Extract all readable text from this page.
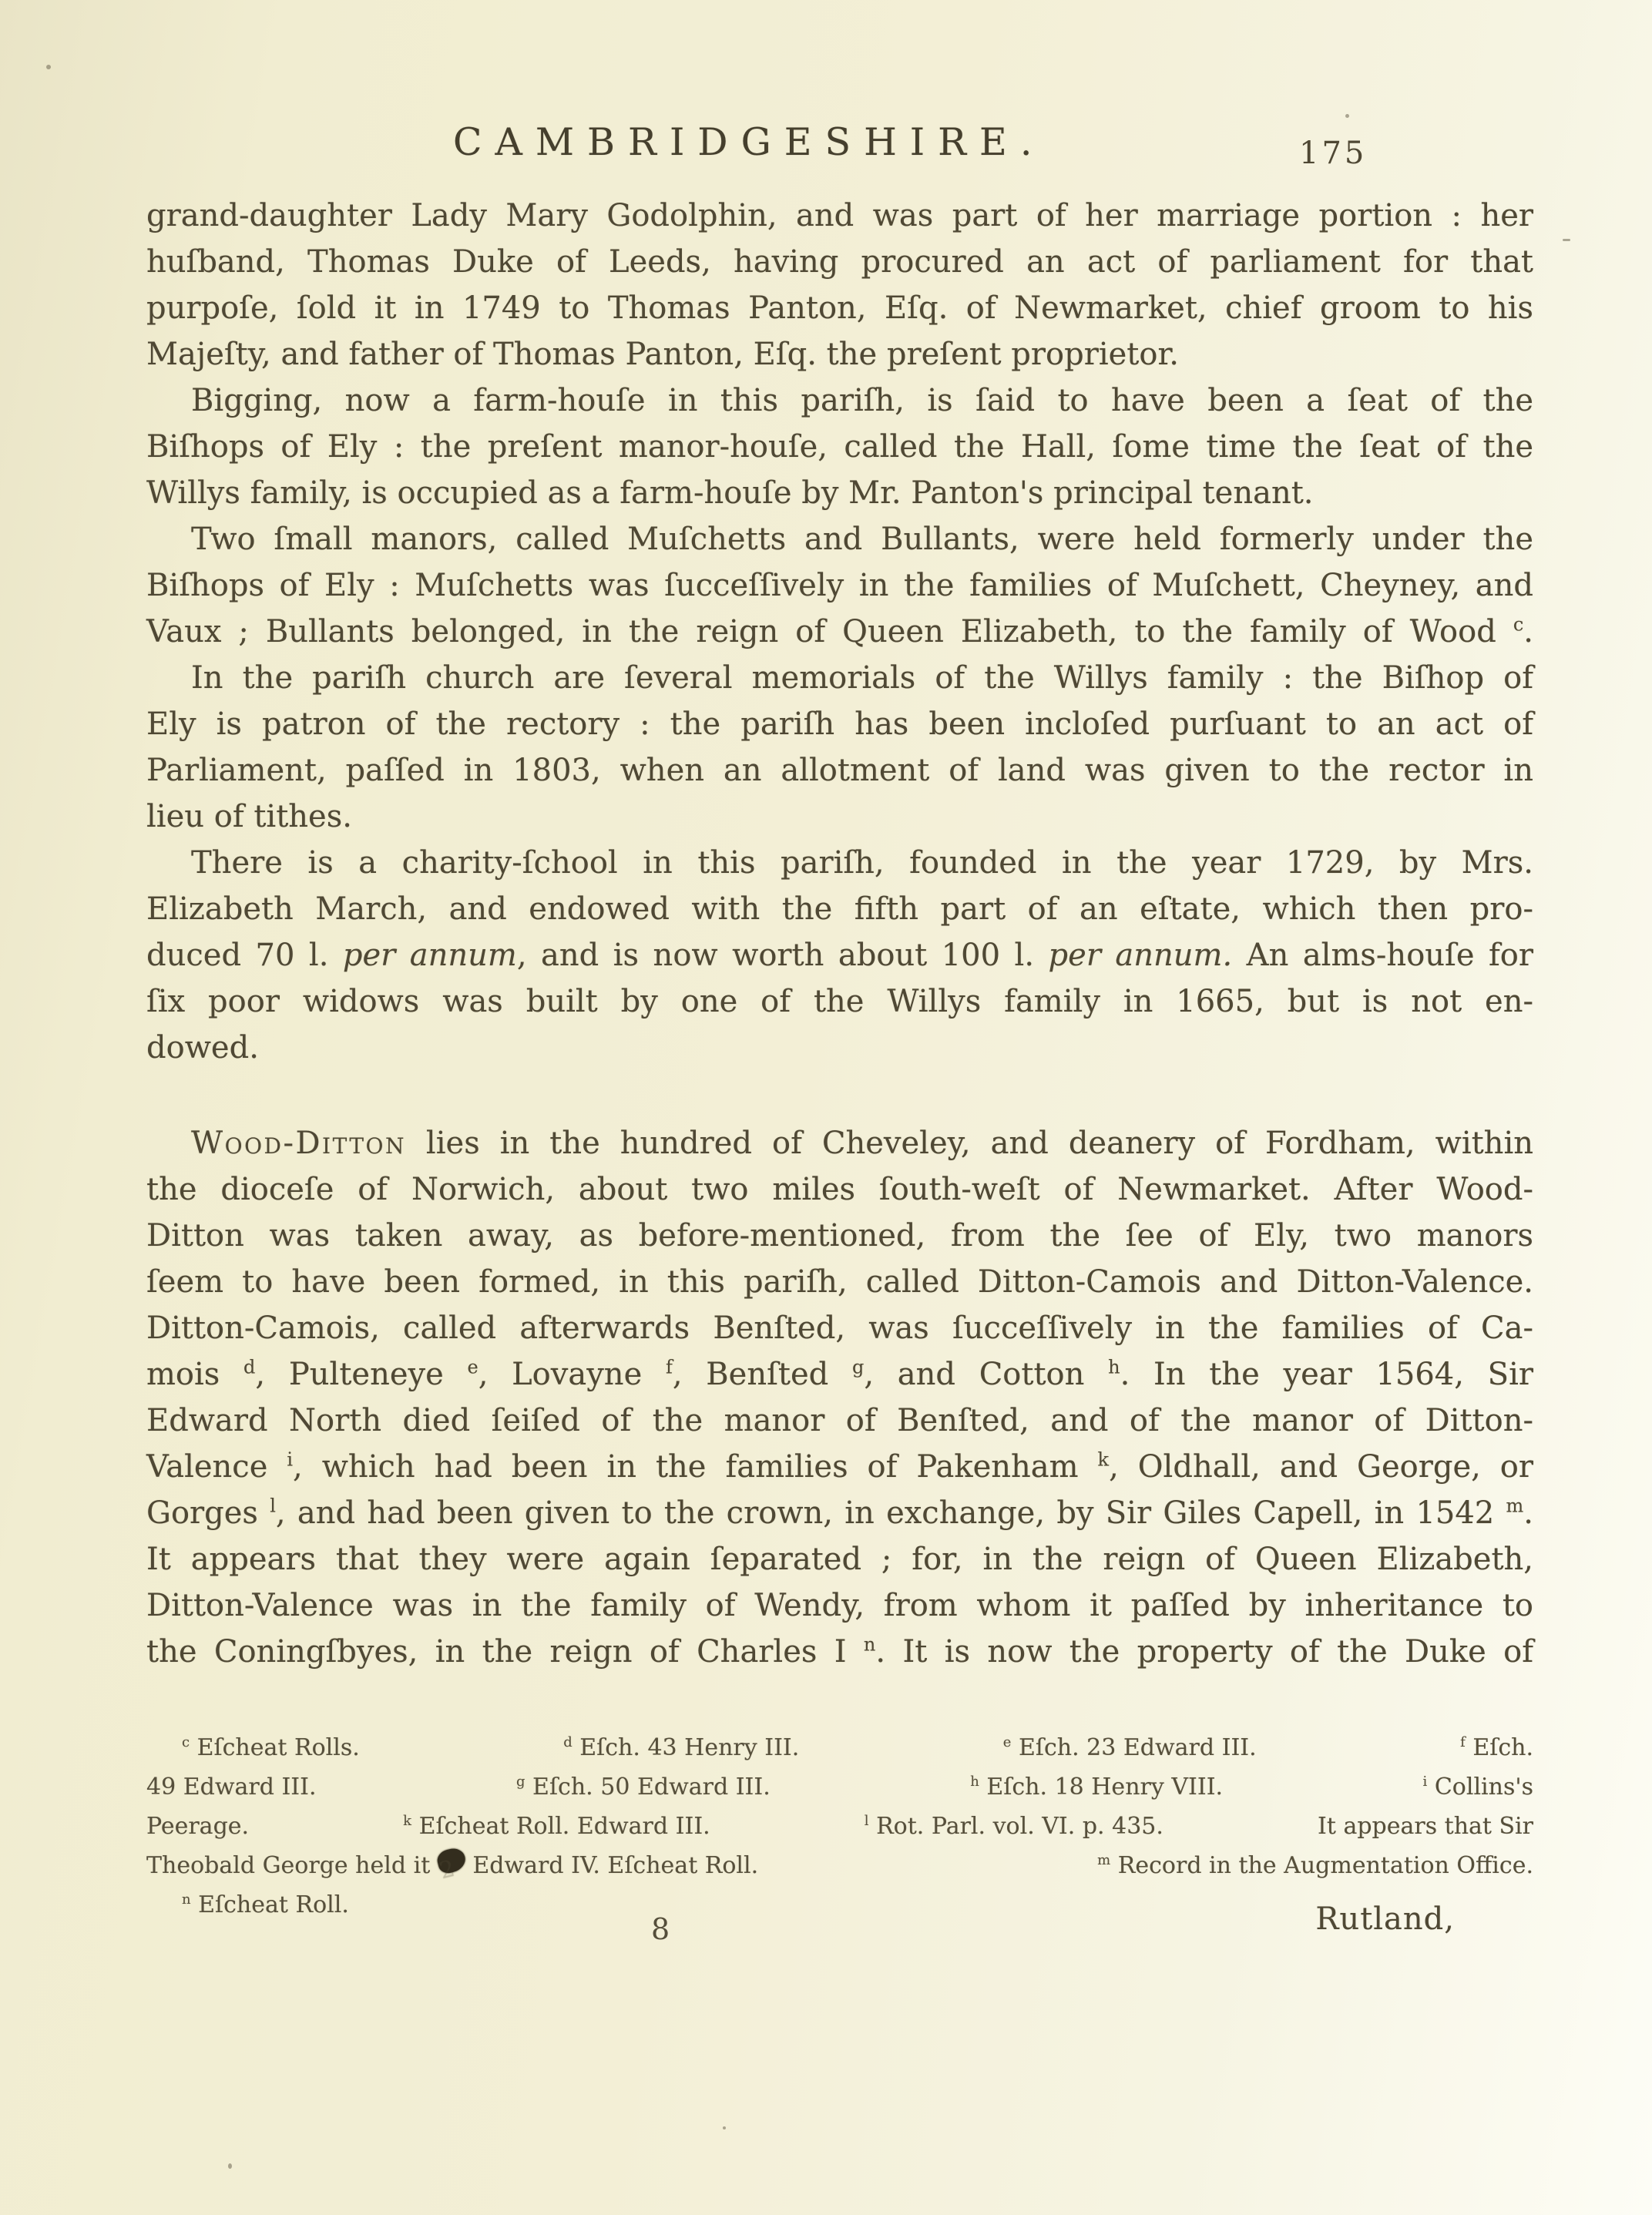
CAMBRIDGESHIRE.	175
grand-daughter Lady Mary Godolphin, and was part of her marriage portion : her
huſband, Thomas Duke of Leeds, having procured an act of parliament for that
purpoſe, ſold it in 1749 to Thomas Panton, Eſq. of Newmarket, chief groom to his
Majeſty, and father of Thomas Panton, Eſq. the preſent proprietor.
Bigging, now a farm-houſe in this pariſh, is ſaid to have been a ſeat of the
Biſhops of Ely : the preſent manor-houſe, called the Hall, ſome time the ſeat of the
Willys family, is occupied as a farm-houſe by Mr. Panton's principal tenant.
Two ſmall manors, called Muſchetts and Bullants, were held formerly under the
Biſhops of Ely : Muſchetts was ſucceſſively in the families of Muſchett, Cheyney, and
Vaux ; Bullants belonged, in the reign of Queen Elizabeth, to the family of Wood $^c$.
In the pariſh church are ſeveral memorials of the Willys family : the Biſhop of
Ely is patron of the rectory : the pariſh has been incloſed purſuant to an act of
Parliament, paſſed in 1803, when an allotment of land was given to the rector in
lieu of tithes.
There is a charity-ſchool in this pariſh, founded in the year 1729, by Mrs.
Elizabeth March, and endowed with the fifth part of an eſtate, which then pro-
duced 70 l. per annum, and is now worth about 100 l. per annum. An alms-houſe for
ſix poor widows was built by one of the Willys family in 1665, but is not en-
dowed.
Wood-Ditton lies in the hundred of Cheveley, and deanery of Fordham, within
the dioceſe of Norwich, about two miles ſouth-weſt of Newmarket. After Wood-
Ditton was taken away, as before-mentioned, from the ſee of Ely, two manors
ſeem to have been formed, in this pariſh, called Ditton-Camois and Ditton-Valence.
Ditton-Camois, called afterwards Benſted, was ſucceſſively in the families of Ca-
mois $^d$, Pulteneye $^e$, Lovayne $^f$, Benſted $^g$, and Cotton $^h$. In the year 1564, Sir
Edward North died ſeiſed of the manor of Benſted, and of the manor of Ditton-
Valence $^i$, which had been in the families of Pakenham $^k$, Oldhall, and George, or
Gorges $^l$, and had been given to the crown, in exchange, by Sir Giles Capell, in 1542 $^m$.
It appears that they were again ſeparated ; for, in the reign of Queen Elizabeth,
Ditton-Valence was in the family of Wendy, from whom it paſſed by inheritance to
the Coningſbyes, in the reign of Charles I $^n$. It is now the property of the Duke of
$^c$ Eſcheat Rolls.	$^d$ Eſch. 43 Henry III.	$^e$ Eſch. 23 Edward III.	$^f$ Eſch.
49 Edward III.	$^g$ Eſch. 50 Edward III.	$^h$ Eſch. 18 Henry VIII.	$^i$ Collins's
Peerage.	$^k$ Eſcheat Roll. Edward III.	$^l$ Rot. Parl. vol. VI. p. 435.	It appears that Sir
Theobald George held it 2 Edward IV. Eſcheat Roll.	$^m$ Record in the Augmentation Office.
$^n$ Eſcheat Roll.
8	Rutland,
